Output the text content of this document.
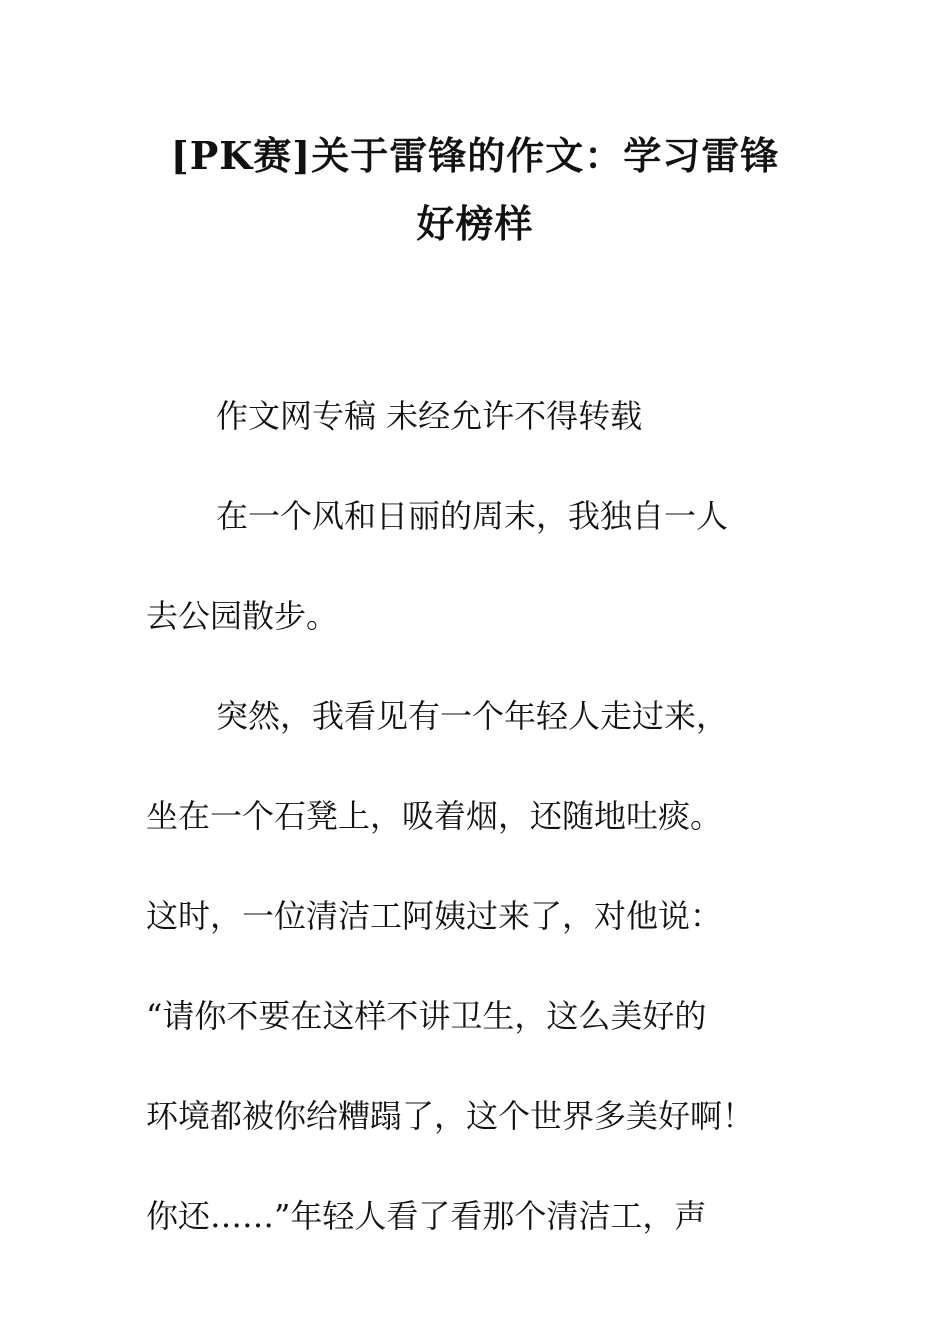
[PK赛]关于雷锋的作文：学习雷锋
好榜样
作文网专稿 未经允许不得转载
在一个风和日丽的周末，我独自一人
去公园散步。
突然，我看见有一个年轻人走过来，
坐在一个石凳上，吸着烟，还随地吐痰。
这时，一位清洁工阿姨过来了，对他说：
“请你不要在这样不讲卫生，这么美好的
环境都被你给糟蹋了，这个世界多美好啊！
你还……”年轻人看了看那个清洁工，声
